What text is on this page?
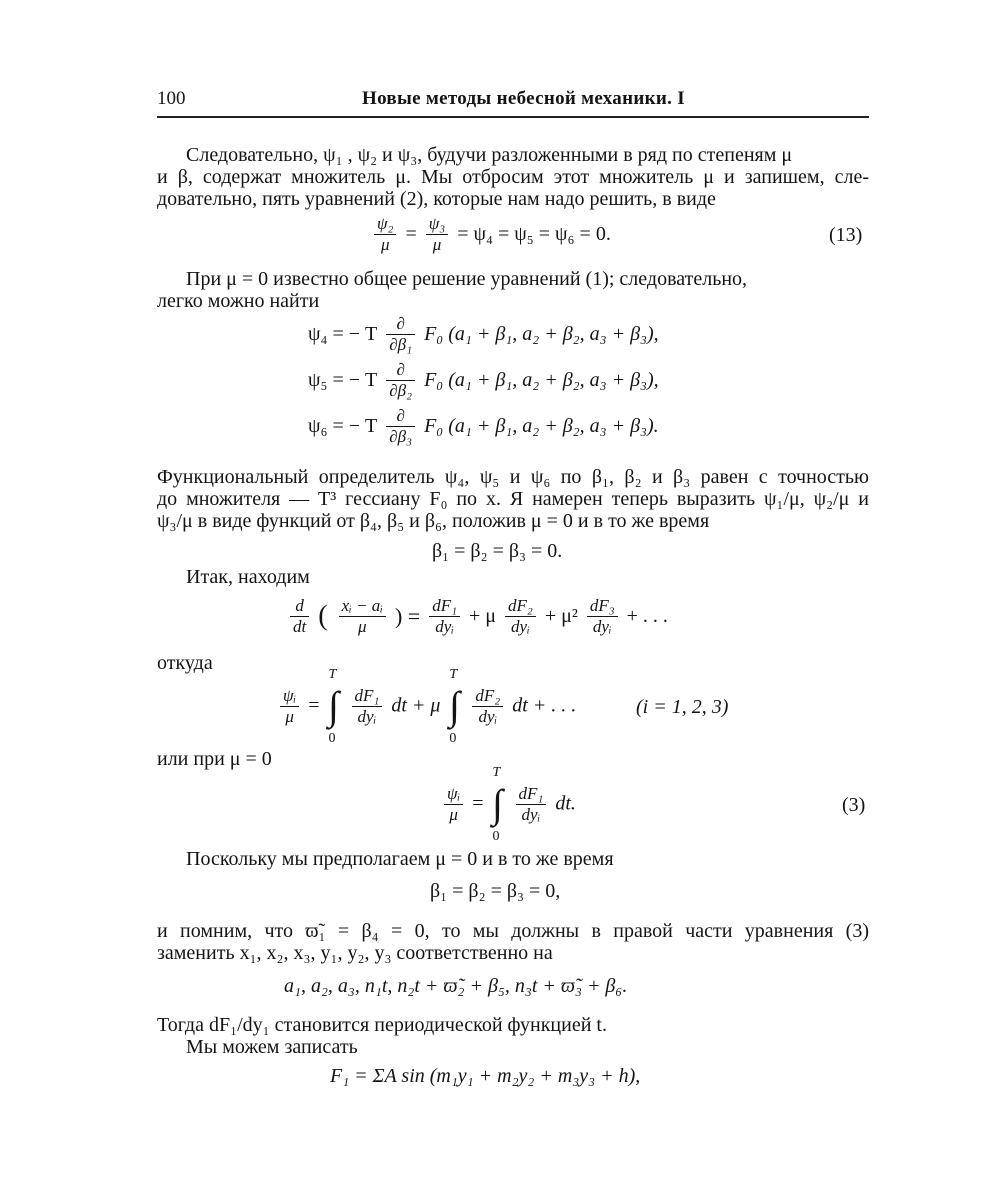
100	Новые методы небесной механики. I
Следовательно, ψ₁ , ψ₂ и ψ₃, будучи разложенными в ряд по степеням μ
и β, содержат множитель μ. Мы отбросим этот множитель μ и запишем, сле-
довательно, пять уравнений (2), которые нам надо решить, в виде
$\frac{\text{ψ₂}}{\mu} = \frac{\text{ψ₃}}{\mu} = \psi_4 = \psi_5 = \psi_6 = 0$.	(13)
При μ = 0 известно общее решение уравнений (1); следовательно,
легко можно найти
ψ₄ = − T $\frac{\partial}{\text{∂β₁}} F_0$ (a₁ + β₁, a₂ + β₂, a₃ + β₃),
ψ₅ = − T $\frac{\partial}{\text{∂β₂}} F_0$ (a₁ + β₁, a₂ + β₂, a₃ + β₃),
ψ₆ = − T $\frac{\partial}{\text{∂β₃}} F_0$ (a₁ + β₁, a₂ + β₂, a₃ + β₃).
Функциональный определитель ψ₄, ψ₅ и ψ₆ по β₁, β₂ и β₃ равен с точностью
до множителя — T³ гессиану F₀ по x. Я намерен теперь выразить ψ₁/μ, ψ₂/μ и
ψ₃/μ в виде функций от β₄, β₅ и β₆, положив μ = 0 и в то же время
β₁ = β₂ = β₃ = 0.
Итак, находим
$\frac{d}{dt}$ ( $\frac{\text{xᵢ − aᵢ}}{\mu}$ ) = $\frac{\text{dF₁}}{\text{dyᵢ}} + \mu \frac{\text{dF₂}}{\text{dyᵢ}} + \mu^2 \frac{\text{dF₃}}{\text{dyᵢ}}$ + . . .
откуда
$\frac{\text{ψᵢ}}{\mu}$ = ∫
T
0

$\frac{\text{dF₁}}{\text{dyᵢ}}$ dt + μ ∫
T
0

$\frac{\text{dF₂}}{\text{dyᵢ}}$ dt + . . .	(i = 1, 2, 3)
или при μ = 0
$\frac{\text{ψᵢ}}{\mu}$ = ∫
T
0

$\frac{\text{dF₁}}{\text{dyᵢ}}$ dt.	(3)
Поскольку мы предполагаем μ = 0 и в то же время
β₁ = β₂ = β₃ = 0,
и помним, что ϖ̃₁ = β₄ = 0, то мы должны в правой части уравнения (3)
заменить x₁, x₂, x₃, y₁, y₂, y₃ соответственно на
a₁, a₂, a₃, n₁t, n₂t + ϖ̃₂ + β₅, n₃t + ϖ̃₃ + β₆.
Тогда dF₁/dy₁ становится периодической функцией t.
Мы можем записать
F₁ = ΣA sin (m₁y₁ + m₂y₂ + m₃y₃ + h),
